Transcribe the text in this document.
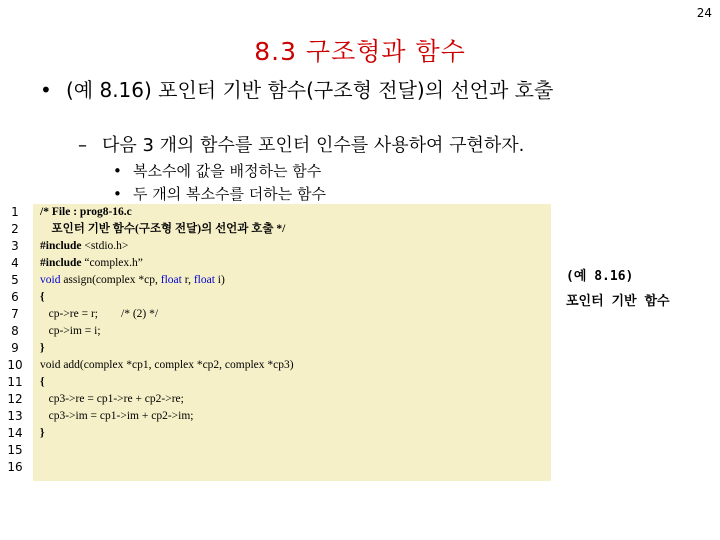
24
8.3 구조형과 함수
• (예 8.16) 포인터 기반 함수(구조형 전달)의 선언과 호출
– 다음 3 개의 함수를 포인터 인수를 사용하여 구현하자.
• 복소수에 값을 배정하는 함수
• 두 개의 복소수를 더하는 함수
1
2
3
4
5
6
7
8
9
10
11
12
13
14
15
16
/* File : prog8-16.c
포인터 기반 함수(구조형 전달)의 선언과 호출 */
#include <stdio.h>
#include “complex.h”
void assign(complex *cp, float r, float i)
{
cp->re = r;        /* (2) */
cp->im = i;
}
void add(complex *cp1, complex *cp2, complex *cp3)
{
cp3->re = cp1->re + cp2->re;
cp3->im = cp1->im + cp2->im;
}
(예 8.16)
포인터 기반 함수
